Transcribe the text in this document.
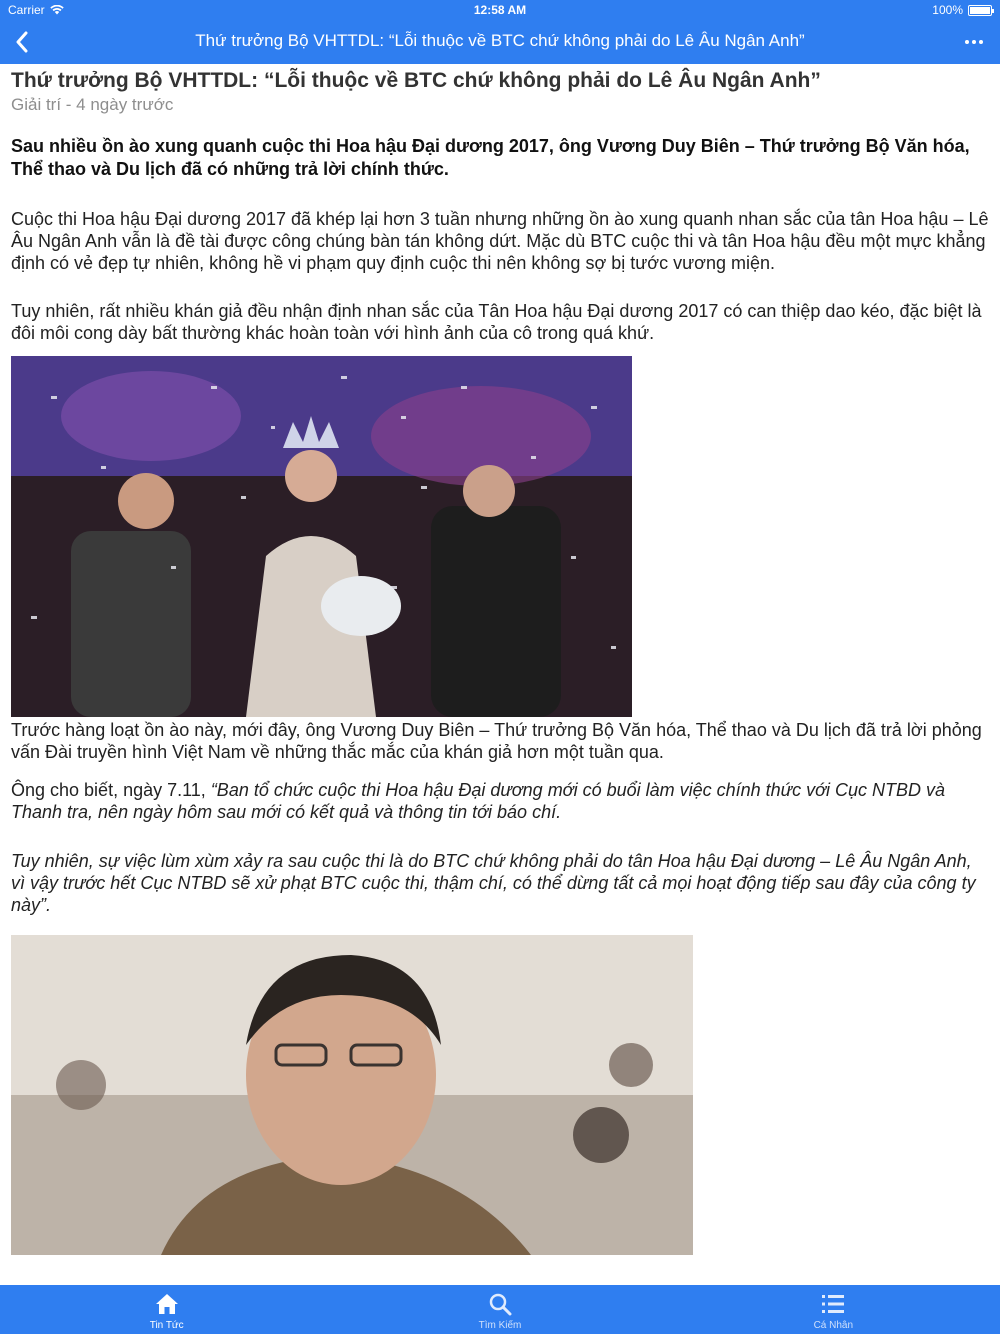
Carrier	12:58 AM	100%
Thứ trưởng Bộ VHTTDL: “Lỗi thuộc về BTC chứ không phải do Lê Âu Ngân Anh”
Thứ trưởng Bộ VHTTDL: “Lỗi thuộc về BTC chứ không phải do Lê Âu Ngân Anh”
Giải trí - 4 ngày trước
Sau nhiều ồn ào xung quanh cuộc thi Hoa hậu Đại dương 2017, ông Vương Duy Biên – Thứ trưởng Bộ Văn hóa, Thể thao và Du lịch đã có những trả lời chính thức.
Cuộc thi Hoa hậu Đại dương 2017 đã khép lại hơn 3 tuần nhưng những ồn ào xung quanh nhan sắc của tân Hoa hậu – Lê Âu Ngân Anh vẫn là đề tài được công chúng bàn tán không dứt. Mặc dù BTC cuộc thi và tân Hoa hậu đều một mực khẳng định có vẻ đẹp tự nhiên, không hề vi phạm quy định cuộc thi nên không sợ bị tước vương miện.
Tuy nhiên, rất nhiều khán giả đều nhận định nhan sắc của Tân Hoa hậu Đại dương 2017 có can thiệp dao kéo, đặc biệt là đôi môi cong dày bất thường khác hoàn toàn với hình ảnh của cô trong quá khứ.
Trước hàng loạt ồn ào này, mới đây, ông Vương Duy Biên – Thứ trưởng Bộ Văn hóa, Thể thao và Du lịch đã trả lời phỏng vấn Đài truyền hình Việt Nam về những thắc mắc của khán giả hơn một tuần qua.
Ông cho biết, ngày 7.11, “Ban tổ chức cuộc thi Hoa hậu Đại dương mới có buổi làm việc chính thức với Cục NTBD và Thanh tra, nên ngày hôm sau mới có kết quả và thông tin tới báo chí.
Tuy nhiên, sự việc lùm xùm xảy ra sau cuộc thi là do BTC chứ không phải do tân Hoa hậu Đại dương – Lê Âu Ngân Anh, vì vậy trước hết Cục NTBD sẽ xử phạt BTC cuộc thi, thậm chí, có thể dừng tất cả mọi hoạt động tiếp sau đây của công ty này”.
Tin Tức	Tìm Kiếm	Cá Nhân
